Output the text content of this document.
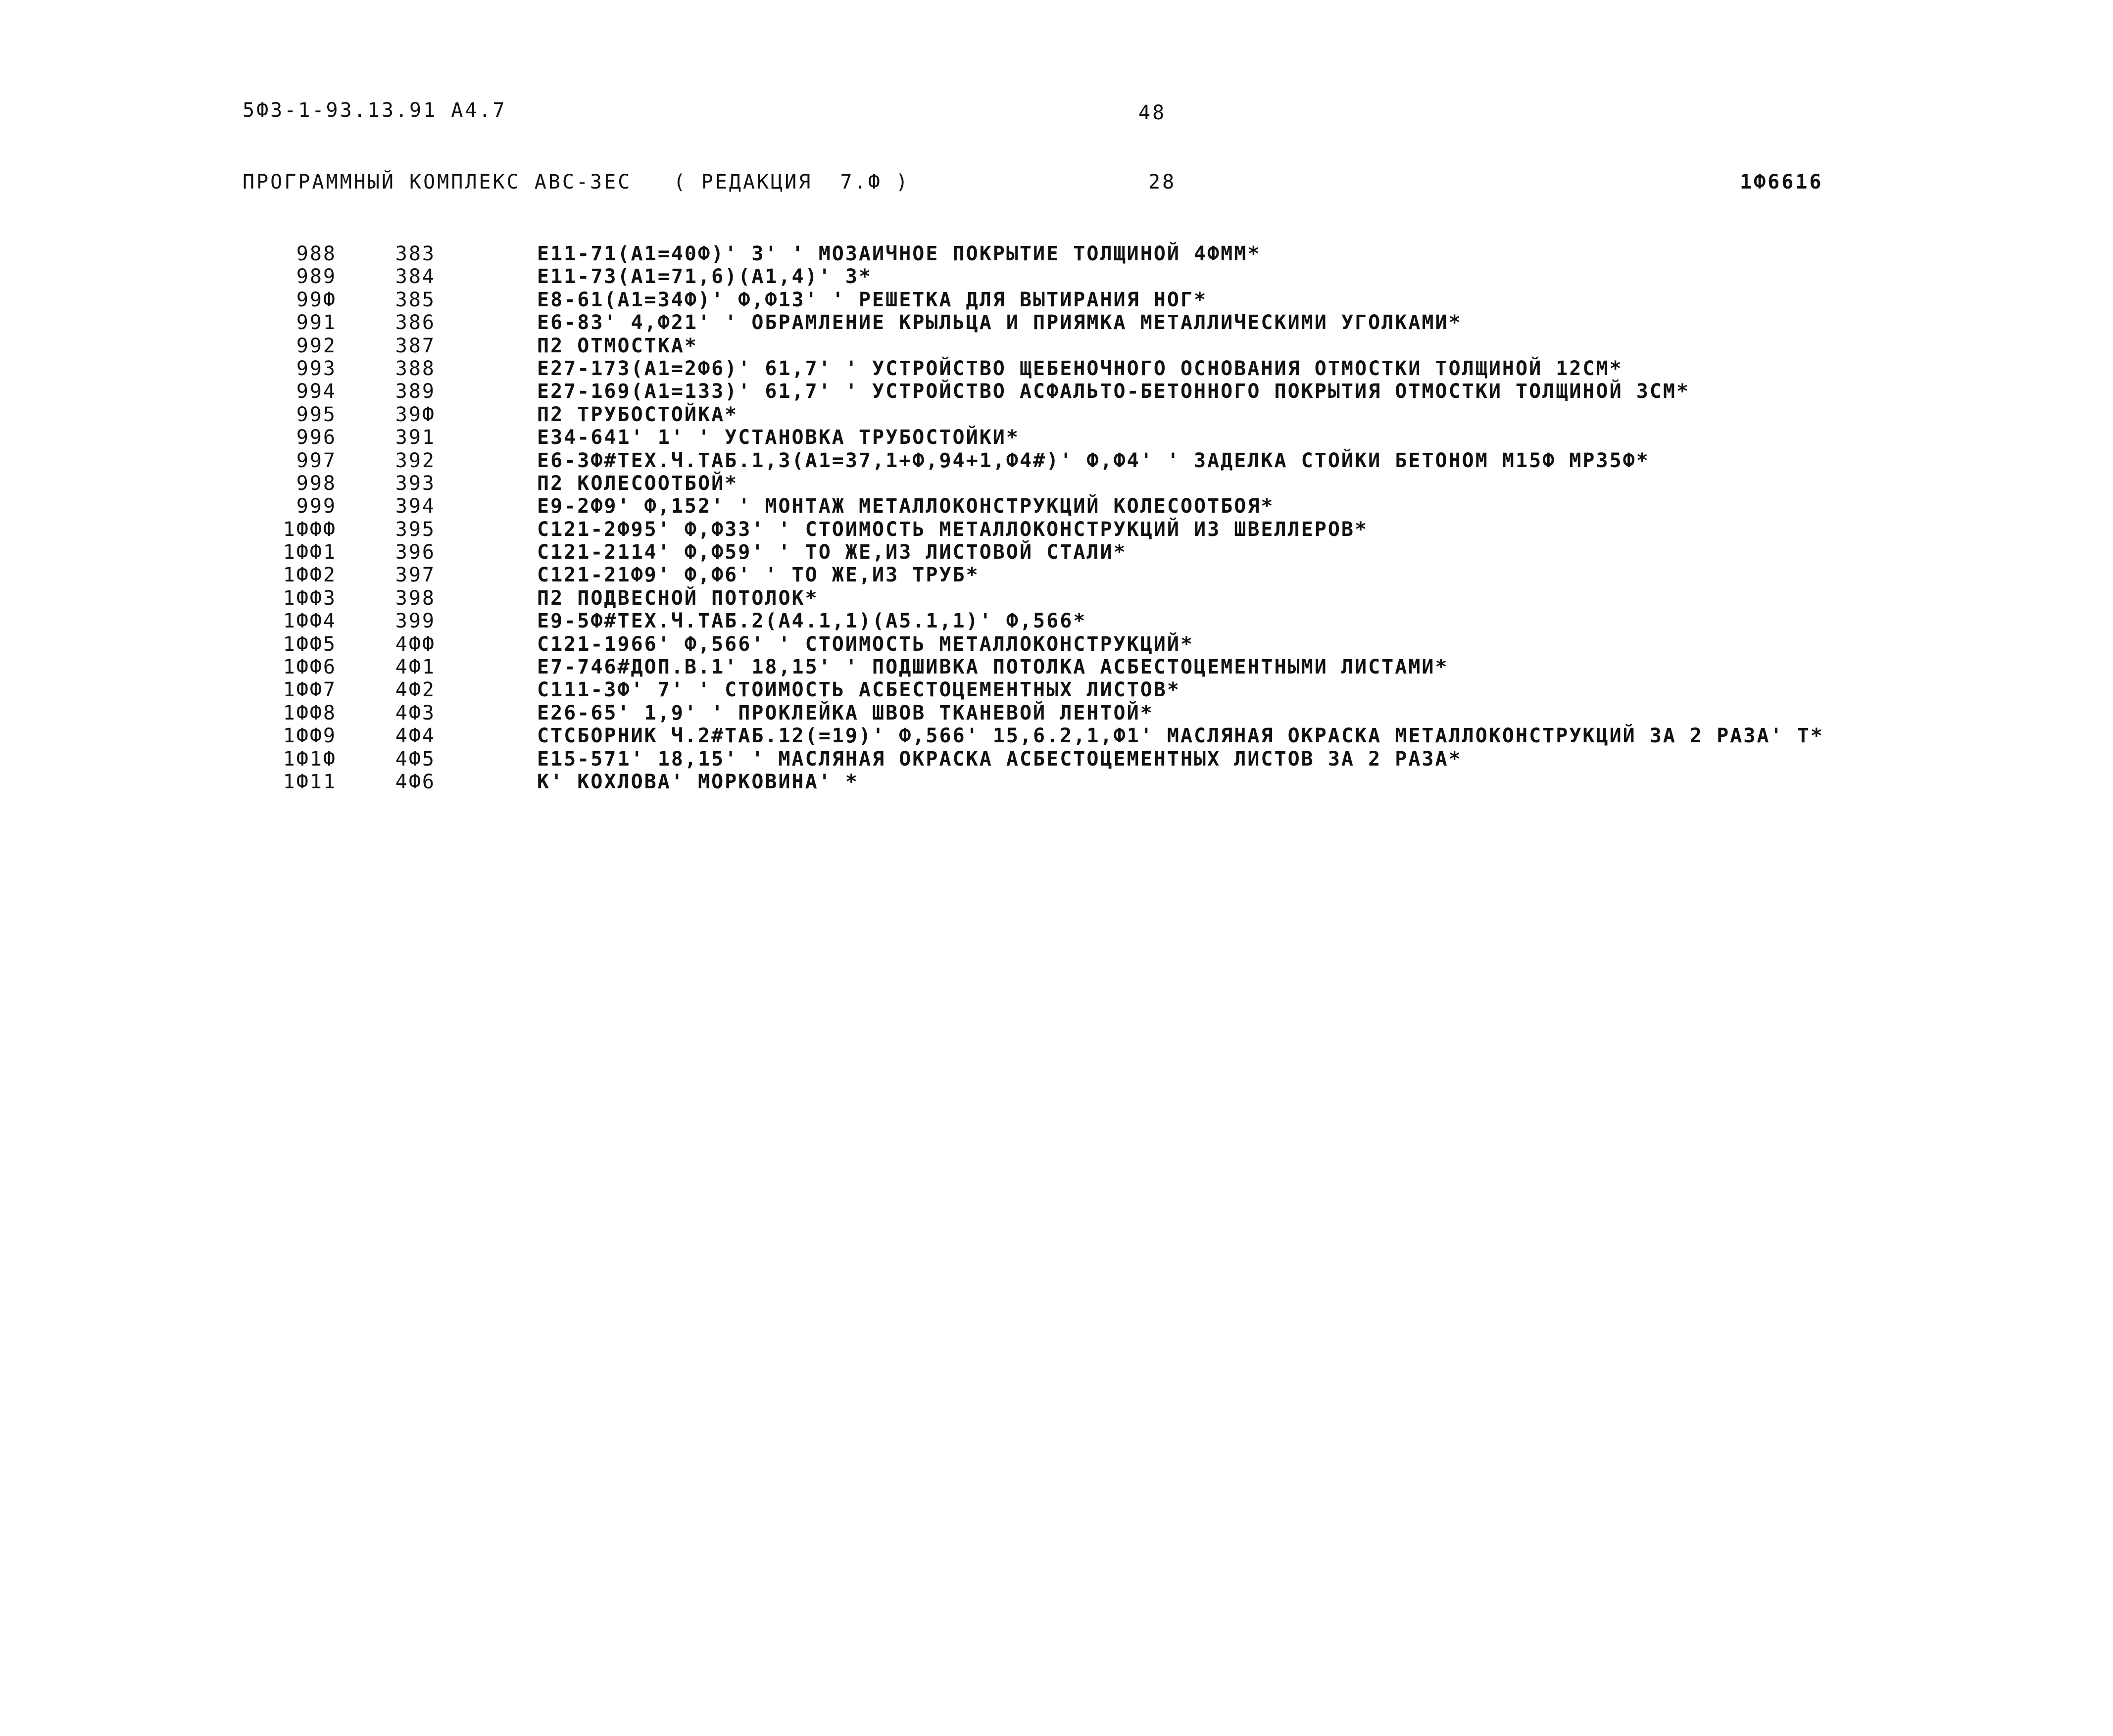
5Ф3-1-93.13.91 А4.7	48
ПРОГРАММНЫЙ КОМПЛЕКС АВС-3ЕС   ( РЕДАКЦИЯ  7.Ф )	28	1Ф6616
988	383	Е11-71(А1=40Ф)' 3' ' МОЗАИЧНОЕ ПОКРЫТИЕ ТОЛЩИНОЙ 4ФММ*
989	384	Е11-73(А1=71,6)(А1,4)' 3*
99Ф	385	Е8-61(А1=34Ф)' Ф,Ф13' ' РЕШЕТКА ДЛЯ ВЫТИРАНИЯ НОГ*
991	386	Е6-83' 4,Ф21' ' ОБРАМЛЕНИЕ КРЫЛЬЦА И ПРИЯМКА МЕТАЛЛИЧЕСКИМИ УГОЛКАМИ*
992	387	П2 ОТМОСТКА*
993	388	Е27-173(А1=2Ф6)' 61,7' ' УСТРОЙСТВО ЩЕБЕНОЧНОГО ОСНОВАНИЯ ОТМОСТКИ ТОЛЩИНОЙ 12СМ*
994	389	Е27-169(А1=133)' 61,7' ' УСТРОЙСТВО АСФАЛЬТО-БЕТОННОГО ПОКРЫТИЯ ОТМОСТКИ ТОЛЩИНОЙ 3СМ*
995	39Ф	П2 ТРУБОСТОЙКА*
996	391	Е34-641' 1' ' УСТАНОВКА ТРУБОСТОЙКИ*
997	392	Е6-3Ф#ТЕХ.Ч.ТАБ.1,3(А1=37,1+Ф,94+1,Ф4#)' Ф,Ф4' ' ЗАДЕЛКА СТОЙКИ БЕТОНОМ М15Ф МРЗ5Ф*
998	393	П2 КОЛЕСООТБОЙ*
999	394	Е9-2Ф9' Ф,152' ' МОНТАЖ МЕТАЛЛОКОНСТРУКЦИЙ КОЛЕСООТБОЯ*
1ФФФ	395	С121-2Ф95' Ф,Ф33' ' СТОИМОСТЬ МЕТАЛЛОКОНСТРУКЦИЙ ИЗ ШВЕЛЛЕРОВ*
1ФФ1	396	С121-2114' Ф,Ф59' ' ТО ЖЕ,ИЗ ЛИСТОВОЙ СТАЛИ*
1ФФ2	397	С121-21Ф9' Ф,Ф6' ' ТО ЖЕ,ИЗ ТРУБ*
1ФФ3	398	П2 ПОДВЕСНОЙ ПОТОЛОК*
1ФФ4	399	Е9-5Ф#ТЕХ.Ч.ТАБ.2(А4.1,1)(А5.1,1)' Ф,566*
1ФФ5	4ФФ	С121-1966' Ф,566' ' СТОИМОСТЬ МЕТАЛЛОКОНСТРУКЦИЙ*
1ФФ6	4Ф1	Е7-746#ДОП.В.1' 18,15' ' ПОДШИВКА ПОТОЛКА АСБЕСТОЦЕМЕНТНЫМИ ЛИСТАМИ*
1ФФ7	4Ф2	С111-3Ф' 7' ' СТОИМОСТЬ АСБЕСТОЦЕМЕНТНЫХ ЛИСТОВ*
1ФФ8	4Ф3	Е26-65' 1,9' ' ПРОКЛЕЙКА ШВОВ ТКАНЕВОЙ ЛЕНТОЙ*
1ФФ9	4Ф4	СТСБОРНИК Ч.2#ТАБ.12(=19)' Ф,566' 15,6.2,1,Ф1' МАСЛЯНАЯ ОКРАСКА МЕТАЛЛОКОНСТРУКЦИЙ ЗА 2 РАЗА' Т*
1Ф1Ф	4Ф5	Е15-571' 18,15' ' МАСЛЯНАЯ ОКРАСКА АСБЕСТОЦЕМЕНТНЫХ ЛИСТОВ ЗА 2 РАЗА*
1Ф11	4Ф6	К' КОХЛОВА' МОРКОВИНА' *
